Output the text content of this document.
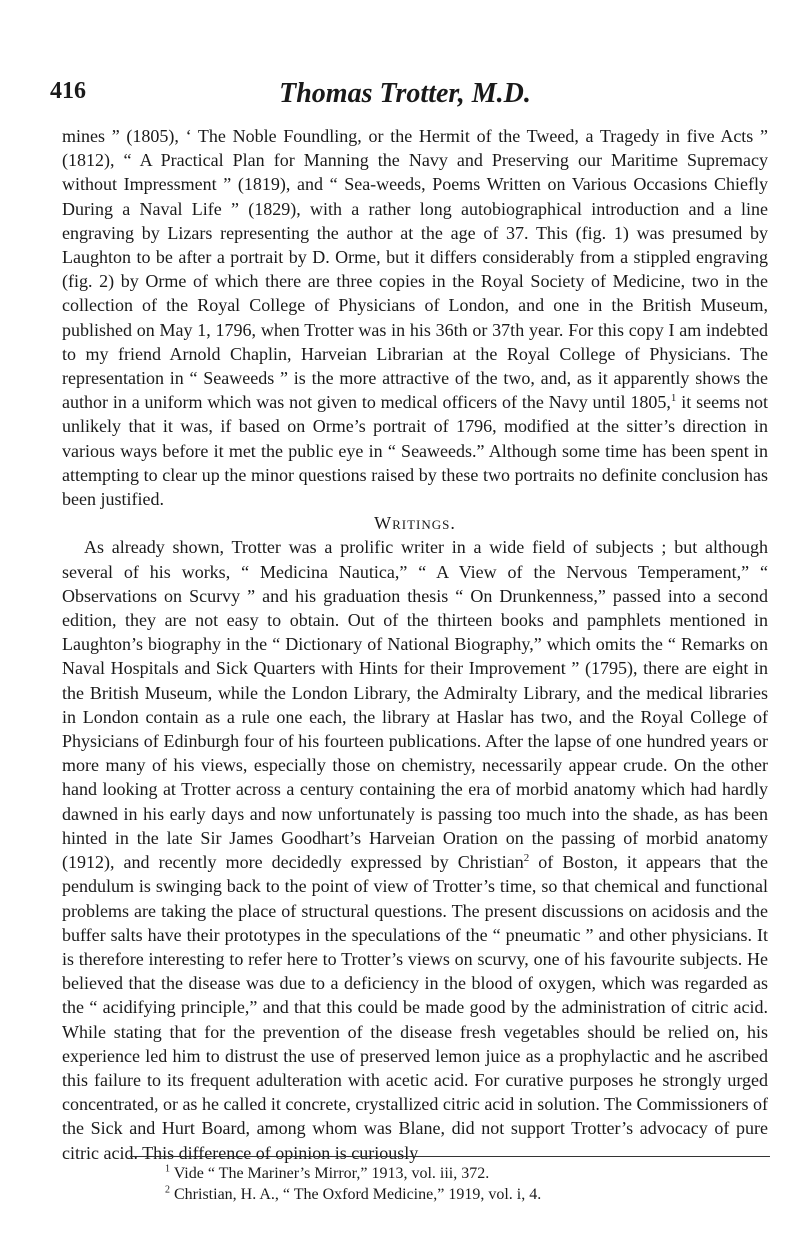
416	Thomas Trotter, M.D.

mines ” (1805), ‘ The Noble Foundling, or the Hermit of the Tweed, a Tragedy in five Acts ” (1812), “ A Practical Plan for Manning the Navy and Preserving our Maritime Supremacy without Impressment ” (1819), and “ Sea-weeds, Poems Written on Various Occasions Chiefly During a Naval Life ” (1829), with a rather long autobiographical introduction and a line engraving by Lizars representing the author at the age of 37. This (fig. 1) was presumed by Laughton to be after a portrait by D. Orme, but it differs considerably from a stippled engraving (fig. 2) by Orme of which there are three copies in the Royal Society of Medicine, two in the collection of the Royal College of Physicians of London, and one in the British Museum, published on May 1, 1796, when Trotter was in his 36th or 37th year. For this copy I am indebted to my friend Arnold Chaplin, Harveian Librarian at the Royal College of Physicians. The representation in “ Seaweeds ” is the more attractive of the two, and, as it apparently shows the author in a uniform which was not given to medical officers of the Navy until 1805,$^1$ it seems not unlikely that it was, if based on Orme’s portrait of 1796, modified at the sitter’s direction in various ways before it met the public eye in “ Seaweeds.” Although some time has been spent in attempting to clear up the minor questions raised by these two portraits no definite conclusion has been justified.

Writings.

As already shown, Trotter was a prolific writer in a wide field of subjects ; but although several of his works, “ Medicina Nautica,” “ A View of the Nervous Temperament,” “ Observations on Scurvy ” and his graduation thesis “ On Drunkenness,” passed into a second edition, they are not easy to obtain. Out of the thirteen books and pamphlets mentioned in Laughton’s biography in the “ Dictionary of National Biography,” which omits the “ Remarks on Naval Hospitals and Sick Quarters with Hints for their Improvement ” (1795), there are eight in the British Museum, while the London Library, the Admiralty Library, and the medical libraries in London contain as a rule one each, the library at Haslar has two, and the Royal College of Physicians of Edinburgh four of his fourteen publications. After the lapse of one hundred years or more many of his views, especially those on chemistry, necessarily appear crude. On the other hand looking at Trotter across a century containing the era of morbid anatomy which had hardly dawned in his early days and now unfortunately is passing too much into the shade, as has been hinted in the late Sir James Goodhart’s Harveian Oration on the passing of morbid anatomy (1912), and recently more decidedly expressed by Christian$^2$ of Boston, it appears that the pendulum is swinging back to the point of view of Trotter’s time, so that chemical and functional problems are taking the place of structural questions. The present discussions on acidosis and the buffer salts have their prototypes in the speculations of the “ pneumatic ” and other physicians. It is therefore interesting to refer here to Trotter’s views on scurvy, one of his favourite subjects. He believed that the disease was due to a deficiency in the blood of oxygen, which was regarded as the “ acidifying principle,” and that this could be made good by the administration of citric acid. While stating that for the prevention of the disease fresh vegetables should be relied on, his experience led him to distrust the use of preserved lemon juice as a prophylactic and he ascribed this failure to its frequent adulteration with acetic acid. For curative purposes he strongly urged concentrated, or as he called it concrete, crystallized citric acid in solution. The Commissioners of the Sick and Hurt Board, among whom was Blane, did not support Trotter’s advocacy of pure citric acid. This difference of opinion is curiously

$^1$ Vide “ The Mariner’s Mirror,” 1913, vol. iii, 372.
$^2$ Christian, H. A., “ The Oxford Medicine,” 1919, vol. i, 4.
